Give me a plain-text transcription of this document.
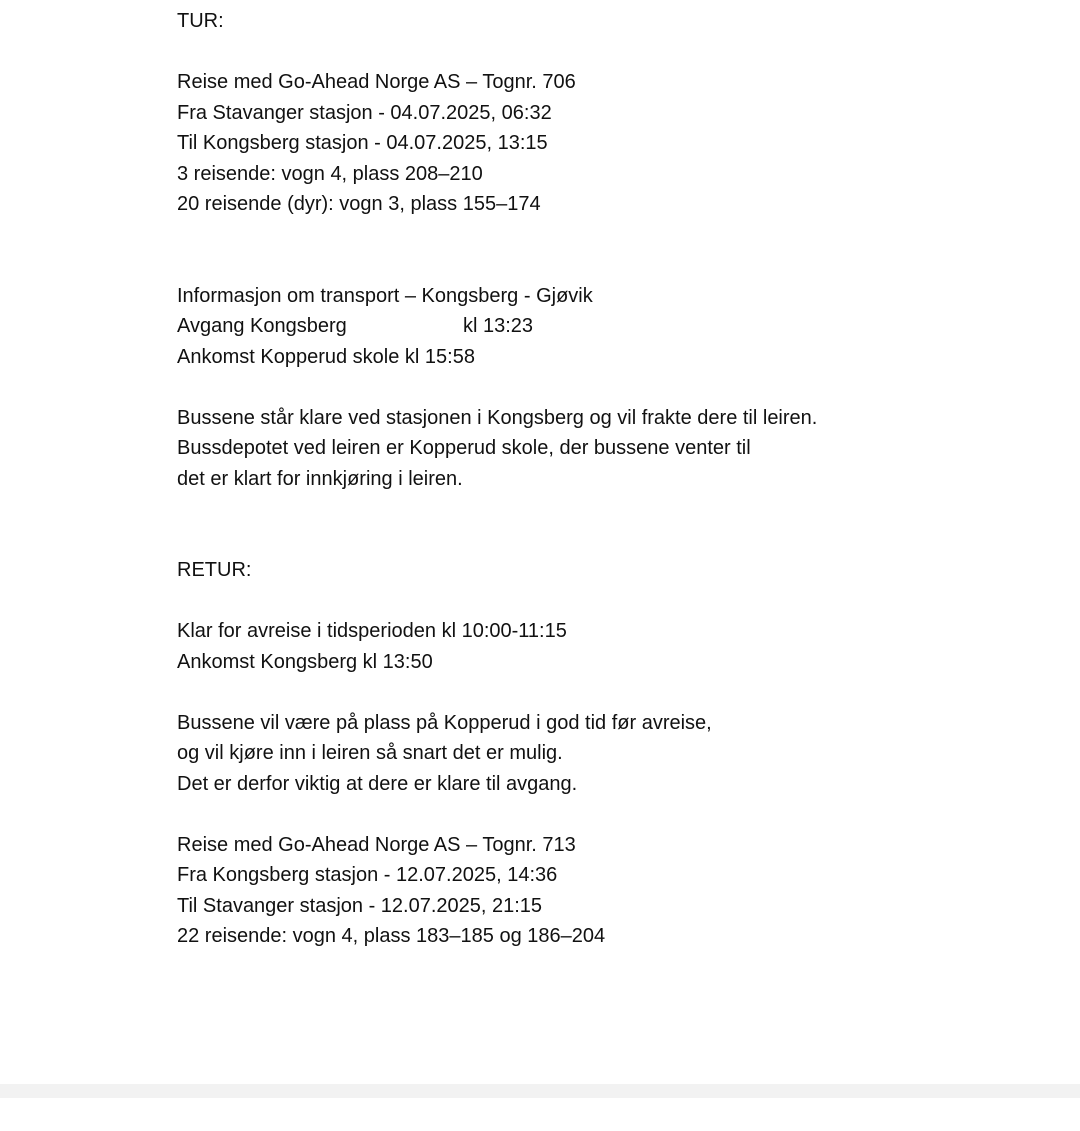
TUR:
Reise med Go-Ahead Norge AS – Tognr. 706
Fra Stavanger stasjon - 04.07.2025, 06:32
Til Kongsberg stasjon - 04.07.2025, 13:15
3 reisende: vogn 4, plass 208–210
20 reisende (dyr): vogn 3, plass 155–174
Informasjon om transport – Kongsberg - Gjøvik
Avgang Kongsberg	kl 13:23
Ankomst Kopperud skole kl 15:58
Bussene står klare ved stasjonen i Kongsberg og vil frakte dere til leiren.
Bussdepotet ved leiren er Kopperud skole, der bussene venter til
det er klart for innkjøring i leiren.
RETUR:
Klar for avreise i tidsperioden kl 10:00-11:15
Ankomst Kongsberg kl 13:50
Bussene vil være på plass på Kopperud i god tid før avreise,
og vil kjøre inn i leiren så snart det er mulig.
Det er derfor viktig at dere er klare til avgang.
Reise med Go-Ahead Norge AS – Tognr. 713
Fra Kongsberg stasjon - 12.07.2025, 14:36
Til Stavanger stasjon - 12.07.2025, 21:15
22 reisende: vogn 4, plass 183–185 og 186–204
